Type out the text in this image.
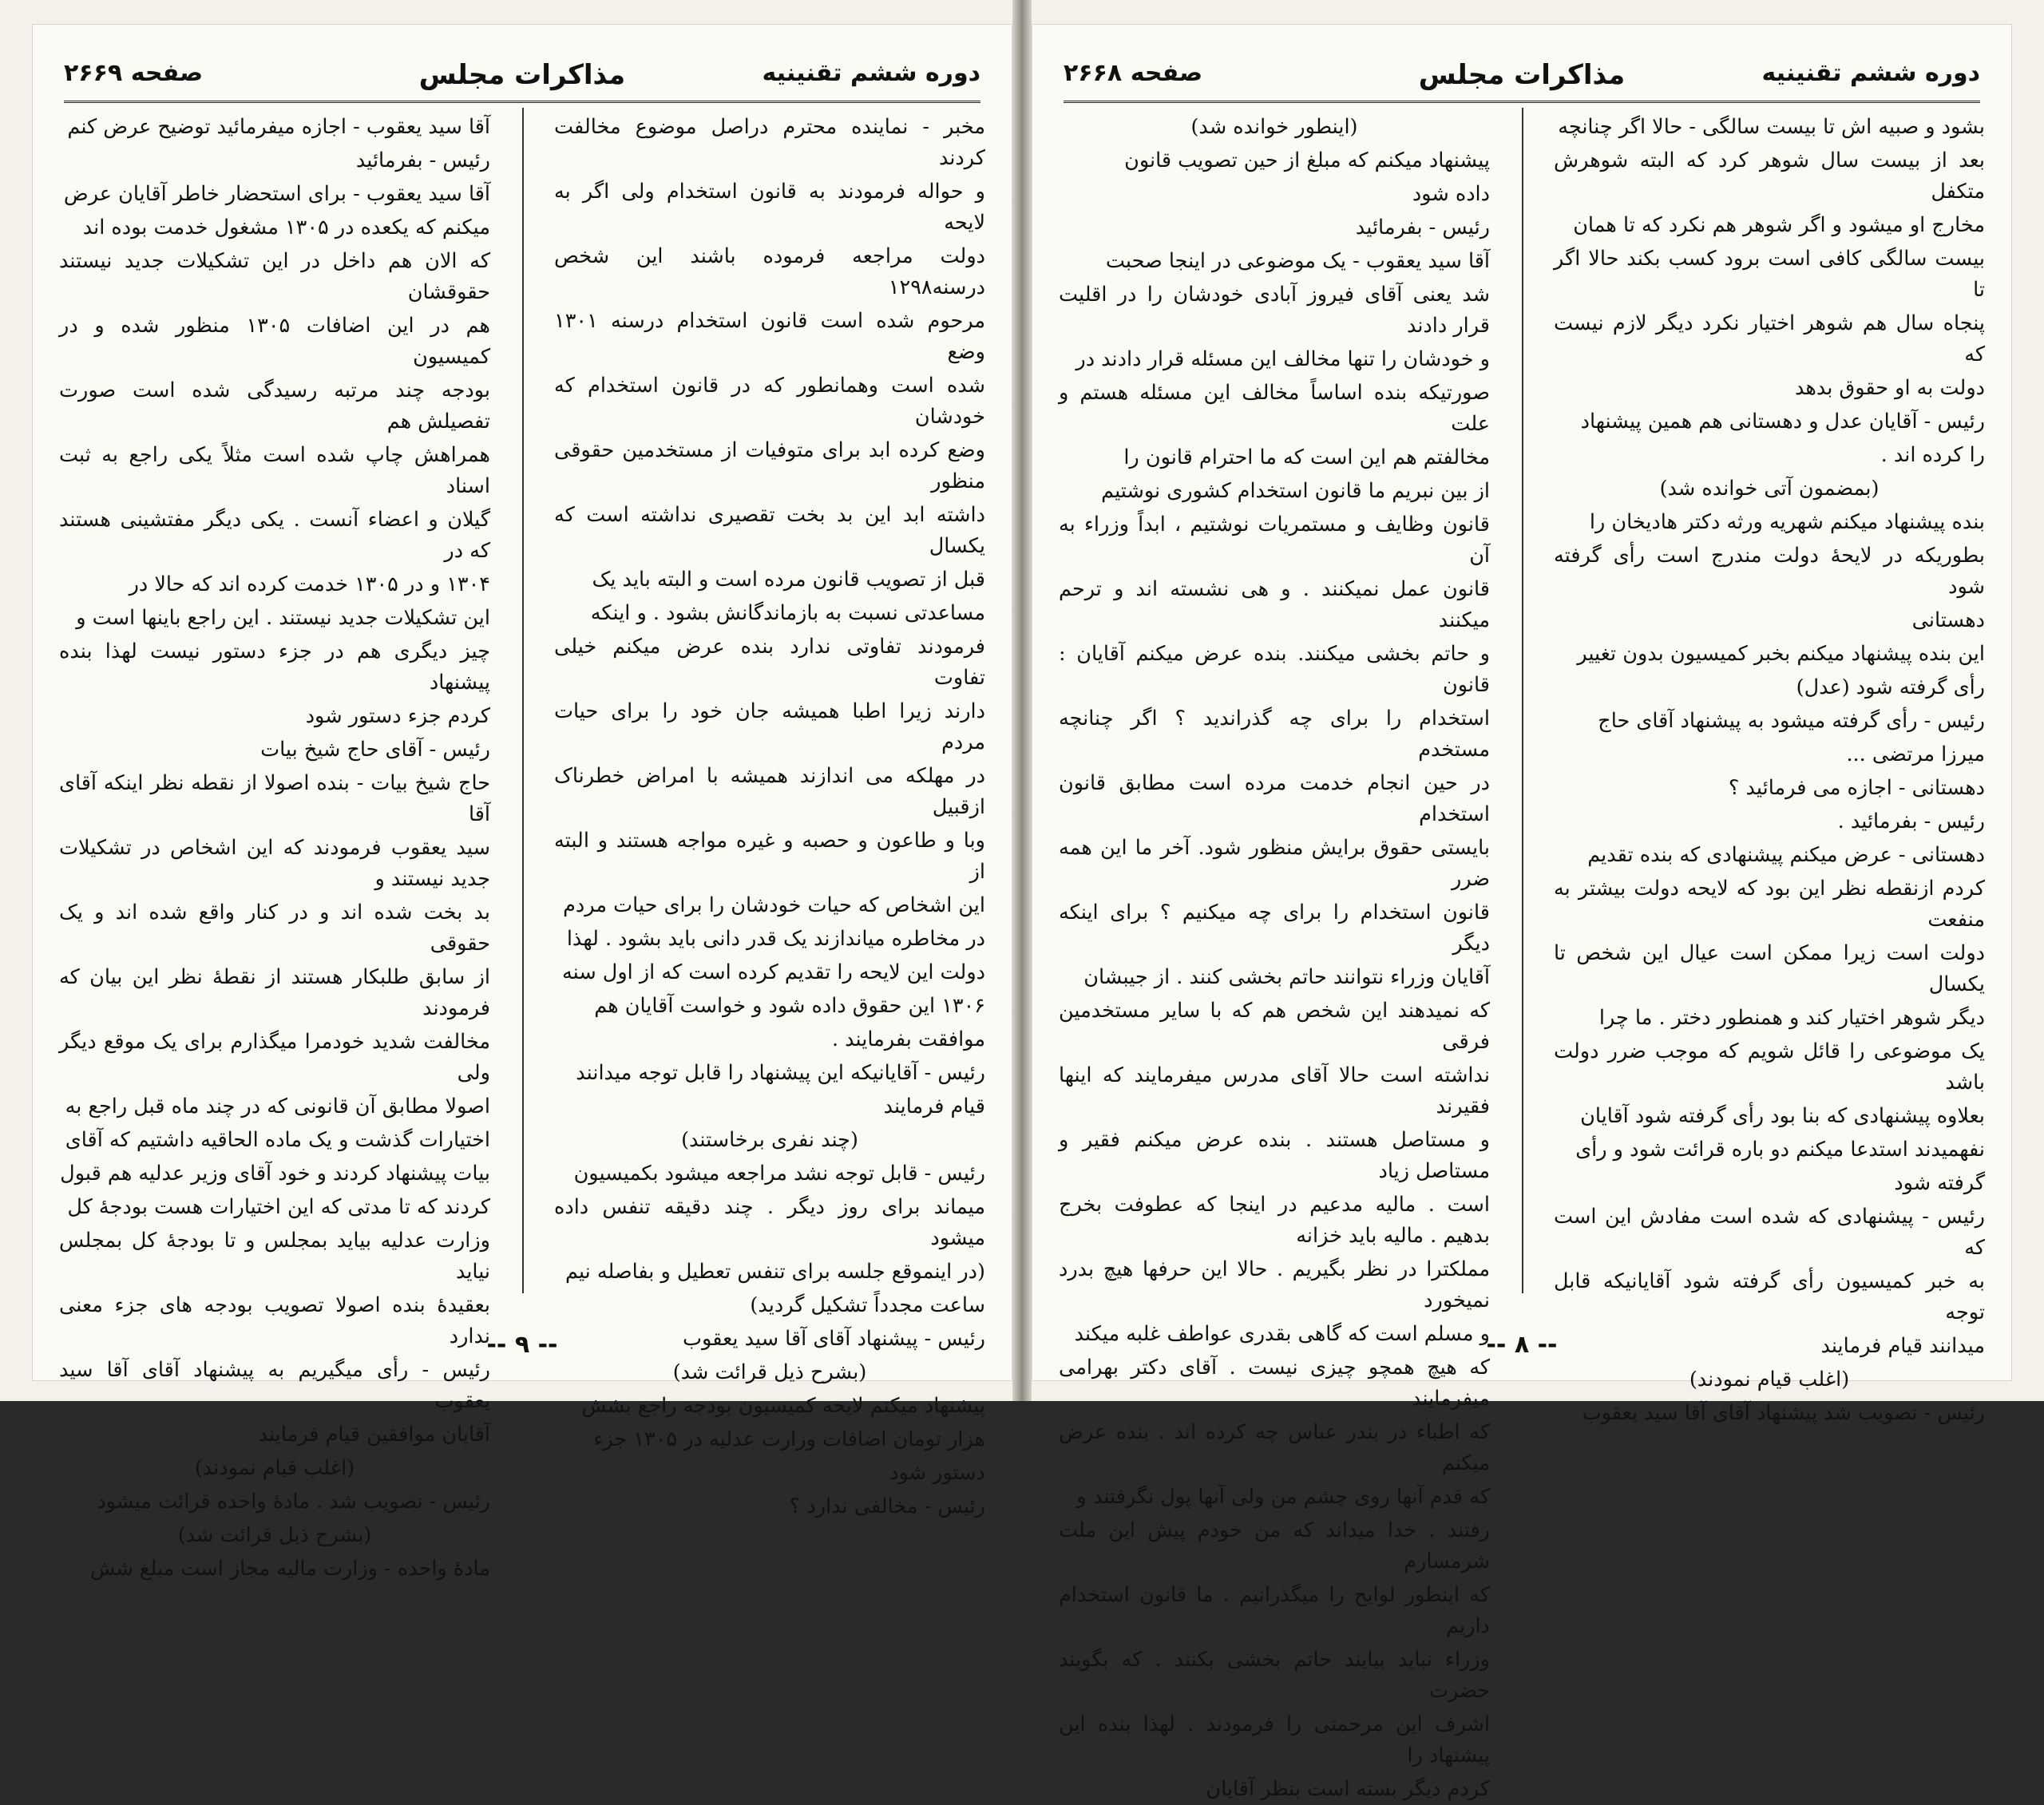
دوره ششم تقنینیه
مذاکرات مجلس
صفحه ۲۶۶۹

مخبر - نماینده محترم دراصل موضوع مخالفت کردند

و حواله فرمودند به قانون استخدام ولی اگر به لایحه

دولت مراجعه فرموده باشند این شخص درسنه۱۲۹۸

مرحوم شده است قانون استخدام درسنه ۱۳۰۱ وضع

شده است وهمانطور که در قانون استخدام که خودشان

وضع کرده ابد برای متوفیات از مستخدمین حقوقی منظور

داشته ابد این بد بخت تقصیری نداشته است که یکسال

قبل از تصویب قانون مرده است و البته باید یک

مساعدتی نسبت به بازماندگانش بشود . و اینکه

فرمودند تفاوتی ندارد بنده عرض میکنم خیلی تفاوت

دارند زیرا اطبا همیشه جان خود را برای حیات مردم

در مهلکه می اندازند همیشه با امراض خطرناک ازقبیل

وبا و طاعون و حصبه و غیره مواجه هستند و البته از

این اشخاص که حیات خودشان را برای حیات مردم

در مخاطره میاندازند یک قدر دانی باید بشود . لهذا

دولت این لایحه را تقدیم کرده است که از اول سنه

۱۳۰۶ این حقوق داده شود و خواست آقایان هم

موافقت بفرمایند .

رئیس - آقایانیکه این پیشنهاد را قابل توجه میدانند

قیام فرمایند

(چند نفری برخاستند)

رئیس - قابل توجه نشد مراجعه میشود بکمیسیون

میماند برای روز دیگر . چند دقیقه تنفس داده میشود

(در اینموقع جلسه برای تنفس تعطیل و بفاصله نیم

ساعت مجدداً تشکیل گردید)

رئیس - پیشنهاد آقای آقا سید یعقوب

(بشرح ذیل قرائت شد)

پیشنهاد میکنم لایحه کمیسیون بودجه راجع بشش

هزار تومان اضافات وزارت عدلیه در ۱۳۰۵ جزء

دستور شود

رئیس - مخالفی ندارد ؟

آقا سید یعقوب - اجازه میفرمائید توضیح عرض کنم

رئیس - بفرمائید

آقا سید یعقوب - برای استحضار خاطر آقایان عرض

میکنم که یکعده در ۱۳۰۵ مشغول خدمت بوده اند

که الان هم داخل در این تشکیلات جدید نیستند حقوقشان

هم در این اضافات ۱۳۰۵ منظور شده و در کمیسیون

بودجه چند مرتبه رسیدگی شده است صورت تفصیلش هم

همراهش چاپ شده است مثلاً یکی راجع به ثبت اسناد

گیلان و اعضاء آنست . یکی دیگر مفتشینی هستند که در

۱۳۰۴ و در ۱۳۰۵ خدمت کرده اند که حالا در

این تشکیلات جدید نیستند . این راجع باینها است و

چیز دیگری هم در جزء دستور نیست لهذا بنده پیشنهاد

کردم جزء دستور شود

رئیس - آقای حاج شیخ بیات

حاج شیخ بیات - بنده اصولا از نقطه نظر اینکه آقای آقا

سید یعقوب فرمودند که این اشخاص در تشکیلات جدید نیستند و

بد بخت شده اند و در کنار واقع شده اند و یک حقوقی

از سابق طلبکار هستند از نقطهٔ نظر این بیان که فرمودند

مخالفت شدید خودمرا میگذارم برای یک موقع دیگر ولی

اصولا مطابق آن قانونی که در چند ماه قبل راجع به

اختیارات گذشت و یک ماده الحاقیه داشتیم که آقای

بیات پیشنهاد کردند و خود آقای وزیر عدلیه هم قبول

کردند که تا مدتی که این اختیارات هست بودجهٔ کل

وزارت عدلیه بیاید بمجلس و تا بودجهٔ کل بمجلس نیاید

بعقیدهٔ بنده اصولا تصویب بودجه های جزء معنی ندارد

رئیس - رأی میگیریم به پیشنهاد آقای آقا سید یعقوب

آقایان موافقین قیام فرمایند

(اغلب قیام نمودند)

رئیس - تصویب شد . مادهٔ واحده قرائت میشود

(بشرح ذیل قرائت شد)

مادهٔ واحده - وزارت مالیه مجاز است مبلغ شش

-- ۹ --
دوره ششم تقنینیه
مذاکرات مجلس
صفحه ۲۶۶۸

بشود و صبیه اش تا بیست سالگی - حالا اگر چنانچه

بعد از بیست سال شوهر کرد که البته شوهرش متکفل

مخارج او میشود و اگر شوهر هم نکرد که تا همان

بیست سالگی کافی است برود کسب بکند حالا اگر تا

پنجاه سال هم شوهر اختیار نکرد دیگر لازم نیست که

دولت به او حقوق بدهد

رئیس - آقایان عدل و دهستانی هم همین پیشنهاد

را کرده اند .

(بمضمون آتی خوانده شد)

بنده پیشنهاد میکنم شهریه ورثه دکتر هادیخان را

بطوریکه در لایحهٔ دولت مندرج است رأی گرفته شود

دهستانی

این بنده پیشنهاد میکنم بخبر کمیسیون بدون تغییر

رأی گرفته شود (عدل)

رئیس - رأی گرفته میشود به پیشنهاد آقای حاج

میرزا مرتضی ...

دهستانی - اجازه می فرمائید ؟

رئیس - بفرمائید .

دهستانی - عرض میکنم پیشنهادی که بنده تقدیم

کردم ازنقطه نظر این بود که لایحه دولت بیشتر به منفعت

دولت است زیرا ممکن است عیال این شخص تا یکسال

دیگر شوهر اختیار کند و همنطور دختر . ما چرا

یک موضوعی را قائل شویم که موجب ضرر دولت باشد

بعلاوه پیشنهادی که بنا بود رأی گرفته شود آقایان

نفهمیدند استدعا میکنم دو باره قرائت شود و رأی

گرفته شود

رئیس - پیشنهادی که شده است مفادش این است که

به خبر کمیسیون رأی گرفته شود آقایانیکه قابل توجه

میدانند قیام فرمایند

(اغلب قیام نمودند)

رئیس - تصویب شد پیشنهاد آقای آقا سید یعقوب

(اینطور خوانده شد)

پیشنهاد میکنم که مبلغ از حین تصویب قانون

داده شود

رئیس - بفرمائید

آقا سید یعقوب - یک موضوعی در اینجا صحبت

شد یعنی آقای فیروز آبادی خودشان را در اقلیت قرار دادند

و خودشان را تنها مخالف این مسئله قرار دادند در

صورتیکه بنده اساساً مخالف این مسئله هستم و علت

مخالفتم هم این است که ما احترام قانون را

از بین نبریم ما قانون استخدام کشوری نوشتیم

قانون وظایف و مستمریات نوشتیم ، ابداً وزراء به آن

قانون عمل نمیکنند . و هی نشسته اند و ترحم میکنند

و حاتم بخشی میکنند. بنده عرض میکنم آقایان : قانون

استخدام را برای چه گذراندید ؟ اگر چنانچه مستخدم

در حین انجام خدمت مرده است مطابق قانون استخدام

بایستی حقوق برایش منظور شود. آخر ما این همه ضرر

قانون استخدام را برای چه میکنیم ؟ برای اینکه دیگر

آقایان وزراء نتوانند حاتم بخشی کنند . از جیبشان

که نمیدهند این شخص هم که با سایر مستخدمین فرقی

نداشته است حالا آقای مدرس میفرمایند که اینها فقیرند

و مستاصل هستند . بنده عرض میکنم فقیر و مستاصل زیاد

است . مالیه مدعیم در اینجا که عطوفت بخرج بدهیم . مالیه باید خزانه

مملکترا در نظر بگیریم . حالا این حرفها هیچ بدرد نمیخورد

و مسلم است که گاهی بقدری عواطف غلبه میکند

که هیچ همچو چیزی نیست . آقای دکتر بهرامی میفرمایند

که اطباء در بندر عباس چه کرده اند . بنده عرض میکنم

که قدم آنها روی چشم من ولی آنها پول نگرفتند و

رفتند . خدا میداند که من خودم پیش این ملت شرمسارم

که اینطور لوایح را میگذرانیم . ما قانون استخدام داریم

وزراء نباید بیایند حاتم بخشی بکنند . که بگویند حضرت

اشرف این مرحمتی را فرمودند . لهذا بنده این پیشنهاد را

کردم دیگر بسته است بنظر آقایان

-- ۸ --
